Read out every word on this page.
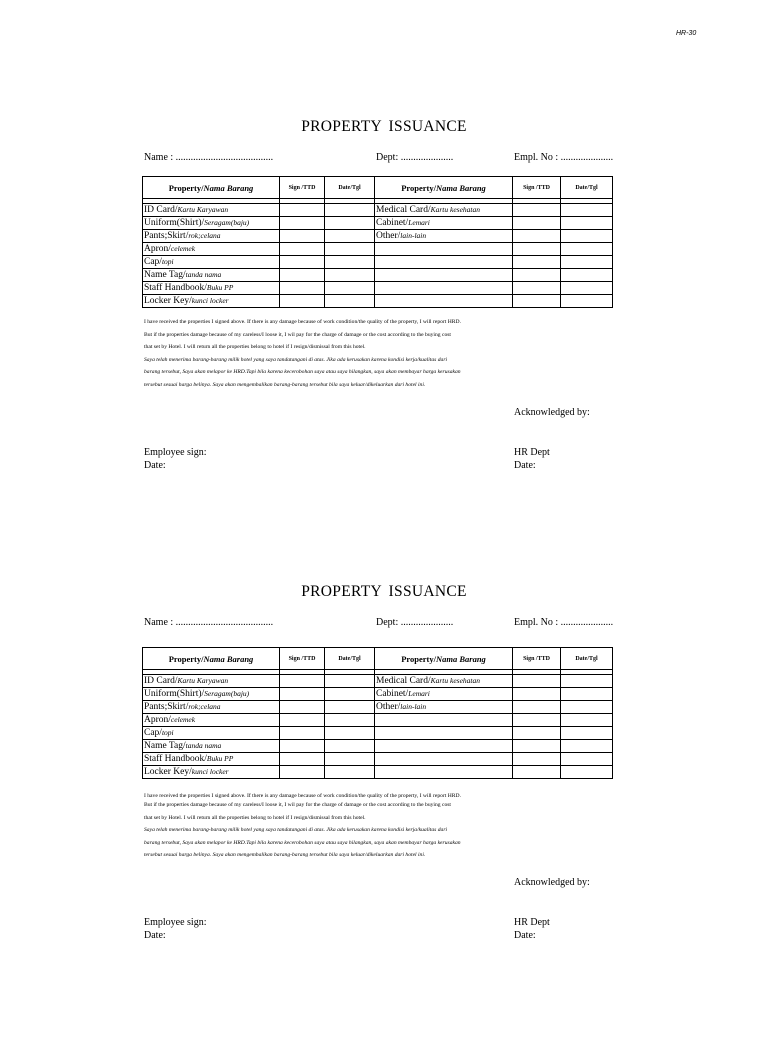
HR-30
PROPERTY ISSUANCE
Name : .......................................	Dept: .....................	Empl. No : .....................
Property/Nama Barang	Sign /TTD	Date/Tgl	Property/Nama Barang	Sign /TTD	Date/Tgl

ID Card/Kartu Karyawan			Medical Card/Kartu kesehatan		
Uniform(Shirt)/Seragam(baju)			Cabinet/Lemari		
Pants;Skirt/rok;celana			Other/lain-lain		
Apron/celemek					
Cap/topi					
Name Tag/tanda nama					
Staff Handbook/Buku PP					
Locker Key/kunci locker					
I have received the properties I signed above. If there is any damage because of work condition/the quality of the property, I will report HRD.
But if the properties damage because of my careless/I loose it, I wil pay for the charge of damage or the cost according to the buying cost
that set by Hotel. I will return all the properties belong to hotel if I resign/dismissal from this hotel.
Saya telah menerima barang-barang milik hotel yang saya tandatangani di atas. Jika ada kerusakan karena kondisi kerja/kualitas dari
barang tersebut, Saya akan melapor ke HRD.Tapi bila karena kecerobohan saya atau saya hilangkan, saya akan membayar harga kerusakan
tersebut sesuai harga belinya. Saya akan mengembalikan barang-barang tersebut bila saya keluar/dikeluarkan dari hotel ini.
Acknowledged by:
Employee sign:
Date:
HR Dept
Date:
PROPERTY ISSUANCE
Name : .......................................	Dept: .....................	Empl. No : .....................
Property/Nama Barang	Sign /TTD	Date/Tgl	Property/Nama Barang	Sign /TTD	Date/Tgl

ID Card/Kartu Karyawan			Medical Card/Kartu kesehatan		
Uniform(Shirt)/Seragam(baju)			Cabinet/Lemari		
Pants;Skirt/rok;celana			Other/lain-lain		
Apron/celemek					
Cap/topi					
Name Tag/tanda nama					
Staff Handbook/Buku PP					
Locker Key/kunci locker					
I have received the properties I signed above. If there is any damage because of work condition/the quality of the property, I will report HRD.
But if the properties damage because of my careless/I loose it, I wil pay for the charge of damage or the cost according to the buying cost
that set by Hotel. I will return all the properties belong to hotel if I resign/dismissal from this hotel.
Saya telah menerima barang-barang milik hotel yang saya tandatangani di atas. Jika ada kerusakan karena kondisi kerja/kualitas dari
barang tersebut, Saya akan melapor ke HRD.Tapi bila karena kecerobohan saya atau saya hilangkan, saya akan membayar harga kerusakan
tersebut sesuai harga belinya. Saya akan mengembalikan barang-barang tersebut bila saya keluar/dikeluarkan dari hotel ini.
Acknowledged by:
Employee sign:
Date:
HR Dept
Date:
